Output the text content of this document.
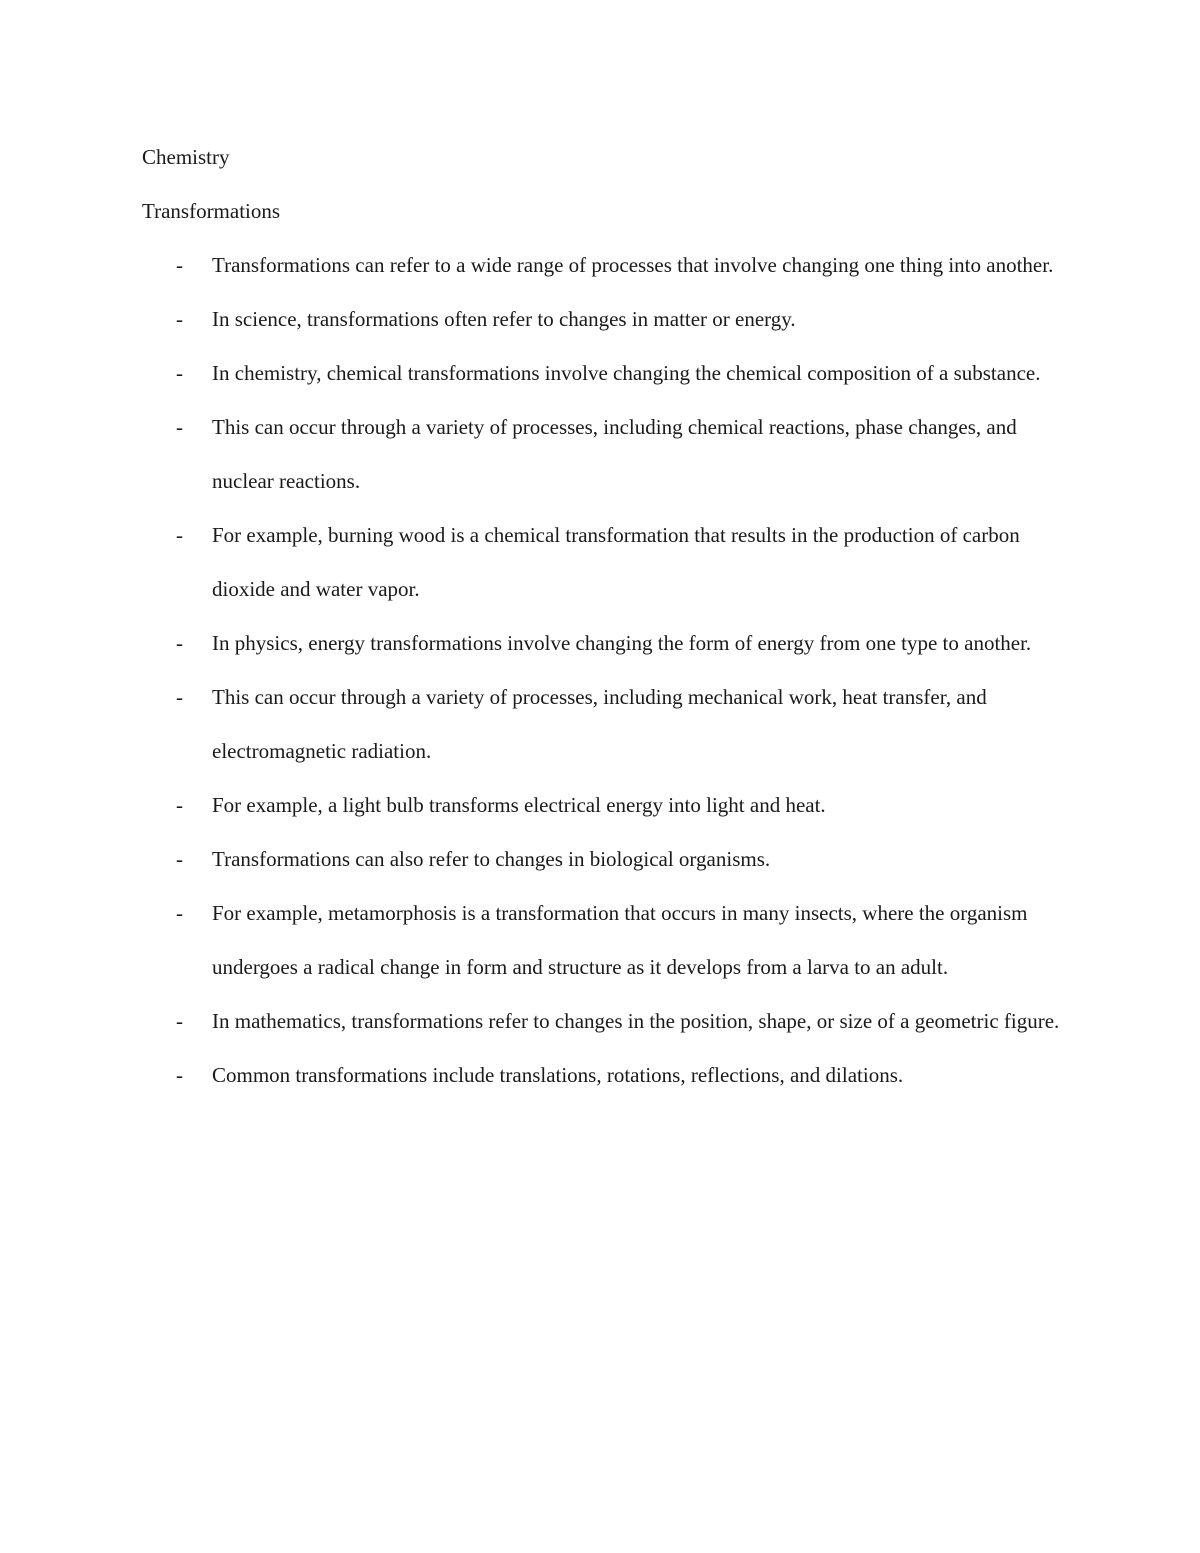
Chemistry

Transformations

- Transformations can refer to a wide range of processes that involve changing one thing into another.
- In science, transformations often refer to changes in matter or energy.
- In chemistry, chemical transformations involve changing the chemical composition of a substance.
- This can occur through a variety of processes, including chemical reactions, phase changes, and nuclear reactions.
- For example, burning wood is a chemical transformation that results in the production of carbon dioxide and water vapor.
- In physics, energy transformations involve changing the form of energy from one type to another.
- This can occur through a variety of processes, including mechanical work, heat transfer, and electromagnetic radiation.
- For example, a light bulb transforms electrical energy into light and heat.
- Transformations can also refer to changes in biological organisms.
- For example, metamorphosis is a transformation that occurs in many insects, where the organism undergoes a radical change in form and structure as it develops from a larva to an adult.
- In mathematics, transformations refer to changes in the position, shape, or size of a geometric figure.
- Common transformations include translations, rotations, reflections, and dilations.
